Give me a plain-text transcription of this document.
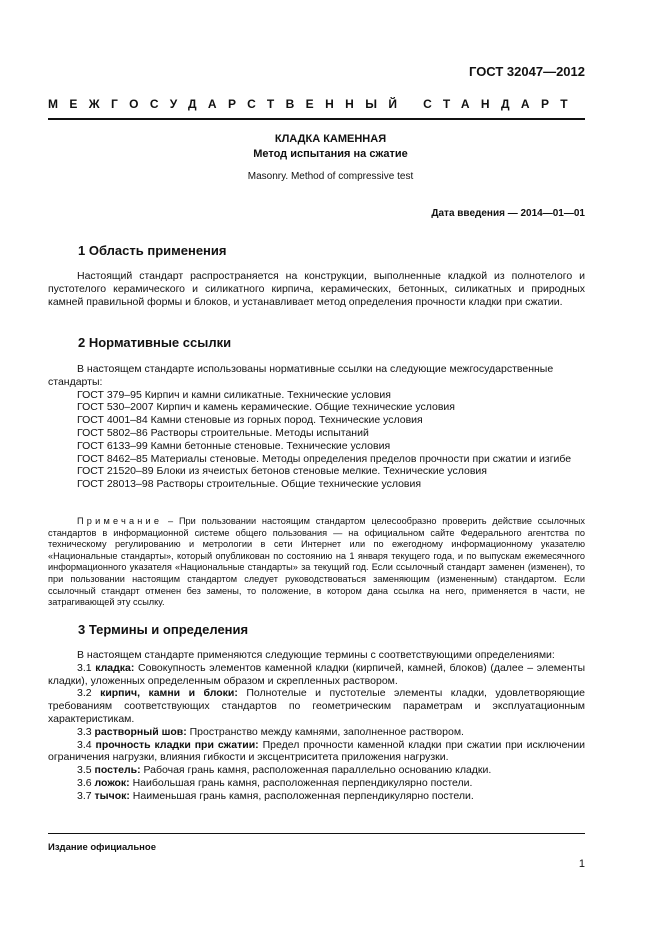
ГОСТ 32047—2012
МЕЖГОСУДАРСТВЕННЫЙ СТАНДАРТ
КЛАДКА КАМЕННАЯ
Метод испытания на сжатие
Masonry. Method of compressive test
Дата введения — 2014—01—01
1 Область применения

Настоящий стандарт распространяется на конструкции, выполненные кладкой из полнотелого и пустотелого керамического и силикатного кирпича, керамических, бетонных, силикатных и природных камней правильной формы и блоков, и устанавливает метод определения прочности кладки при сжатии.

2 Нормативные ссылки

В настоящем стандарте использованы нормативные ссылки на следующие межгосударственные стандарты:

ГОСТ 379–95 Кирпич и камни силикатные. Технические условия

ГОСТ 530–2007 Кирпич и камень керамические. Общие технические условия

ГОСТ 4001–84 Камни стеновые из горных пород. Технические условия

ГОСТ 5802–86 Растворы строительные. Методы испытаний

ГОСТ 6133–99 Камни бетонные стеновые. Технические условия

ГОСТ 8462–85 Материалы стеновые. Методы определения пределов прочности при сжатии и изгибе

ГОСТ 21520–89 Блоки из ячеистых бетонов стеновые мелкие. Технические условия

ГОСТ 28013–98 Растворы строительные. Общие технические условия

Примечание – При пользовании настоящим стандартом целесообразно проверить действие ссылочных стандартов в информационной системе общего пользования — на официальном сайте Федерального агентства по техническому регулированию и метрологии в сети Интернет или по ежегодному информационному указателю «Национальные стандарты», который опубликован по состоянию на 1 января текущего года, и по выпускам ежемесячного информационного указателя «Национальные стандарты» за текущий год. Если ссылочный стандарт заменен (изменен), то при пользовании настоящим стандартом следует руководствоваться заменяющим (измененным) стандартом. Если ссылочный стандарт отменен без замены, то положение, в котором дана ссылка на него, применяется в части, не затрагивающей эту ссылку.

3 Термины и определения

В настоящем стандарте применяются следующие термины с соответствующими определениями:

3.1 кладка: Совокупность элементов каменной кладки (кирпичей, камней, блоков) (далее – элементы кладки), уложенных определенным образом и скрепленных раствором.

3.2 кирпич, камни и блоки: Полнотелые и пустотелые элементы кладки, удовлетворяющие требованиям соответствующих стандартов по геометрическим параметрам и эксплуатационным характеристикам.

3.3 растворный шов: Пространство между камнями, заполненное раствором.

3.4 прочность кладки при сжатии: Предел прочности каменной кладки при сжатии при исключении ограничения нагрузки, влияния гибкости и эксцентриситета приложения нагрузки.

3.5 постель: Рабочая грань камня, расположенная параллельно основанию кладки.

3.6 ложок: Наибольшая грань камня, расположенная перпендикулярно постели.

3.7 тычок: Наименьшая грань камня, расположенная перпендикулярно постели.

Издание официальное
1
